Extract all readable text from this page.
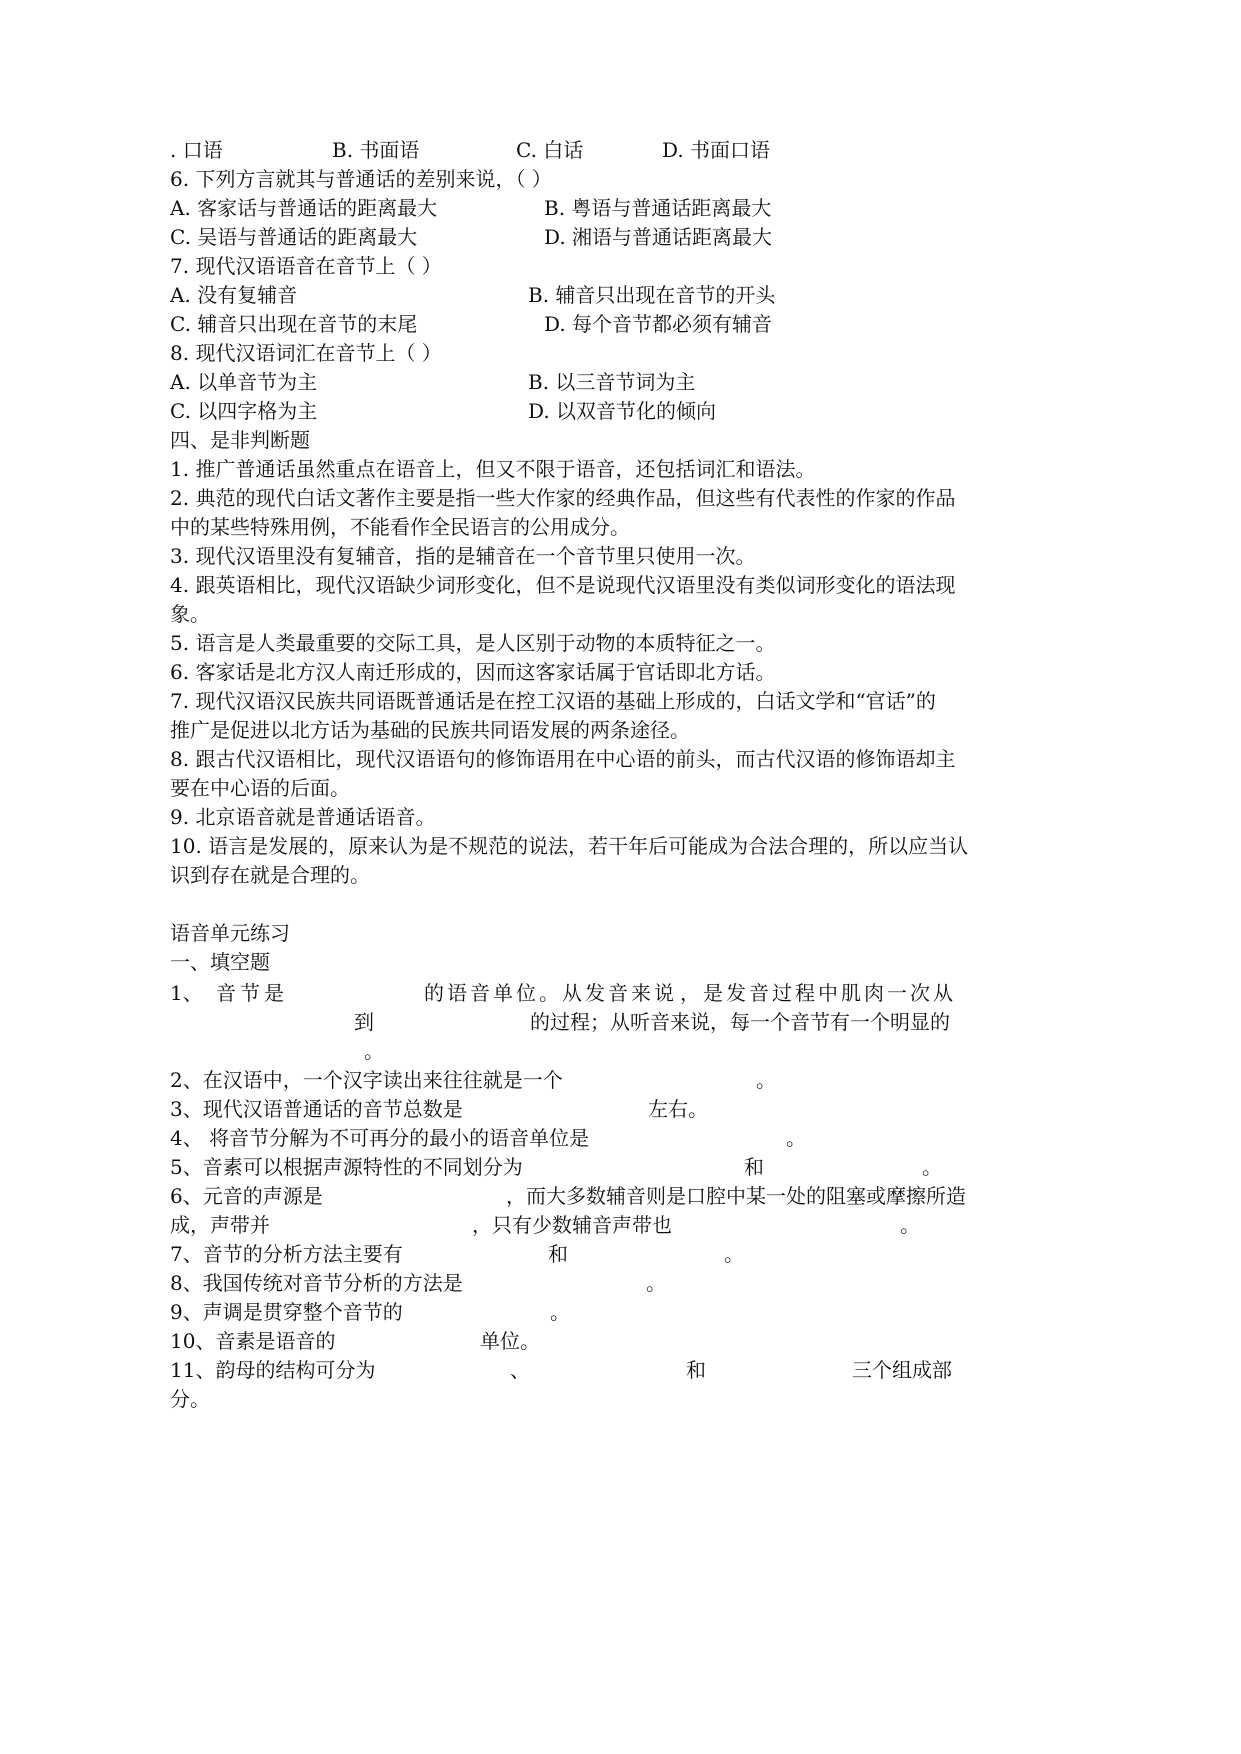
. 口语	B. 书面语	C. 白话	D. 书面口语
6. 下列方言就其与普通话的差别来说，（ ）
A. 客家话与普通话的距离最大	B. 粤语与普通话距离最大
C. 吴语与普通话的距离最大	D. 湘语与普通话距离最大
7. 现代汉语语音在音节上（ ）
A. 没有复辅音	B. 辅音只出现在音节的开头
C. 辅音只出现在音节的末尾	D. 每个音节都必须有辅音
8. 现代汉语词汇在音节上（ ）
A. 以单音节为主	B. 以三音节词为主
C. 以四字格为主	D. 以双音节化的倾向
四、是非判断题
1. 推广普通话虽然重点在语音上，但又不限于语音，还包括词汇和语法。
2. 典范的现代白话文著作主要是指一些大作家的经典作品，但这些有代表性的作家的作品
中的某些特殊用例，不能看作全民语言的公用成分。
3. 现代汉语里没有复辅音，指的是辅音在一个音节里只使用一次。
4. 跟英语相比，现代汉语缺少词形变化，但不是说现代汉语里没有类似词形变化的语法现
象。
5. 语言是人类最重要的交际工具，是人区别于动物的本质特征之一。
6. 客家话是北方汉人南迁形成的，因而这客家话属于官话即北方话。
7. 现代汉语汉民族共同语既普通话是在控工汉语的基础上形成的，白话文学和“官话”的
推广是促进以北方话为基础的民族共同语发展的两条途径。
8. 跟古代汉语相比，现代汉语语句的修饰语用在中心语的前头，而古代汉语的修饰语却主
要在中心语的后面。
9. 北京语音就是普通话语音。
10. 语言是发展的，原来认为是不规范的说法，若干年后可能成为合法合理的，所以应当认
识到存在就是合理的。
语音单元练习
一、填空题
1、 音节是	的语音单位。从发音来说 ，是发音过程中肌肉一次从
到	的过程；从听音来说，每一个音节有一个明显的
。
2、在汉语中，一个汉字读出来往往就是一个	。
3、现代汉语普通话的音节总数是	左右。
4、 将音节分解为不可再分的最小的语音单位是	。
5、音素可以根据声源特性的不同划分为	和	。
6、元音的声源是	，而大多数辅音则是口腔中某一处的阻塞或摩擦所造
成，声带并	，只有少数辅音声带也	。
7、音节的分析方法主要有	和	。
8、我国传统对音节分析的方法是	。
9、声调是贯穿整个音节的	。
10、音素是语音的	单位。
11、韵母的结构可分为	、	和	三个组成部
分。
